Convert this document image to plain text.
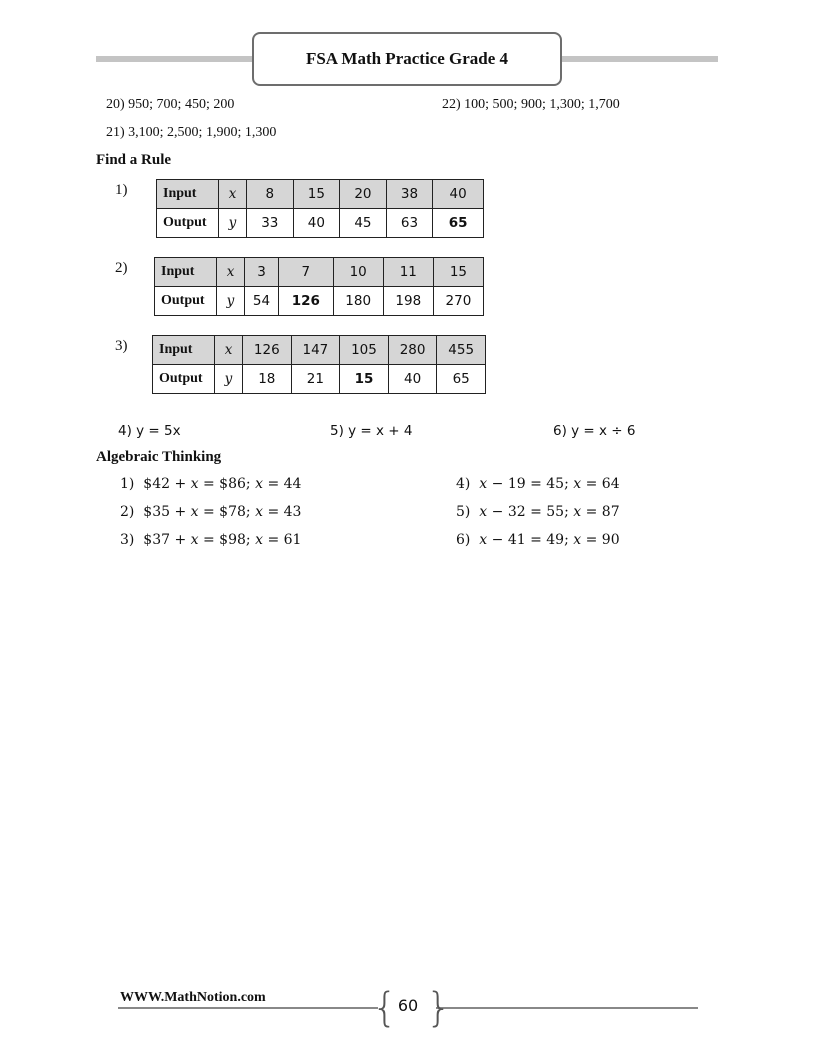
FSA Math Practice Grade 4
20) 950; 700; 450; 200	22) 100; 500; 900; 1,300; 1,700
21) 3,100; 2,500; 1,900; 1,300
Find a Rule
1)	Input	x	8	15	20	38	40
Output	y	33	40	45	63	65
2) Input	x	3	7	10	11	15
Output	y	54	126	180	198	270
3) Input	x	126	147	105	280	455
Output	y	18	21	15	40	65
4) y = 5x	5) y = x + 4	6) y = x ÷ 6
Algebraic Thinking
1) $42 + x = $86; x = 44
2) $35 + x = $78; x = 43
3) $37 + x = $98; x = 61
4) x − 19 = 45; x = 64
5) x − 32 = 55; x = 87
6) x − 41 = 49; x = 90
WWW.MathNotion.com	{ }
60
